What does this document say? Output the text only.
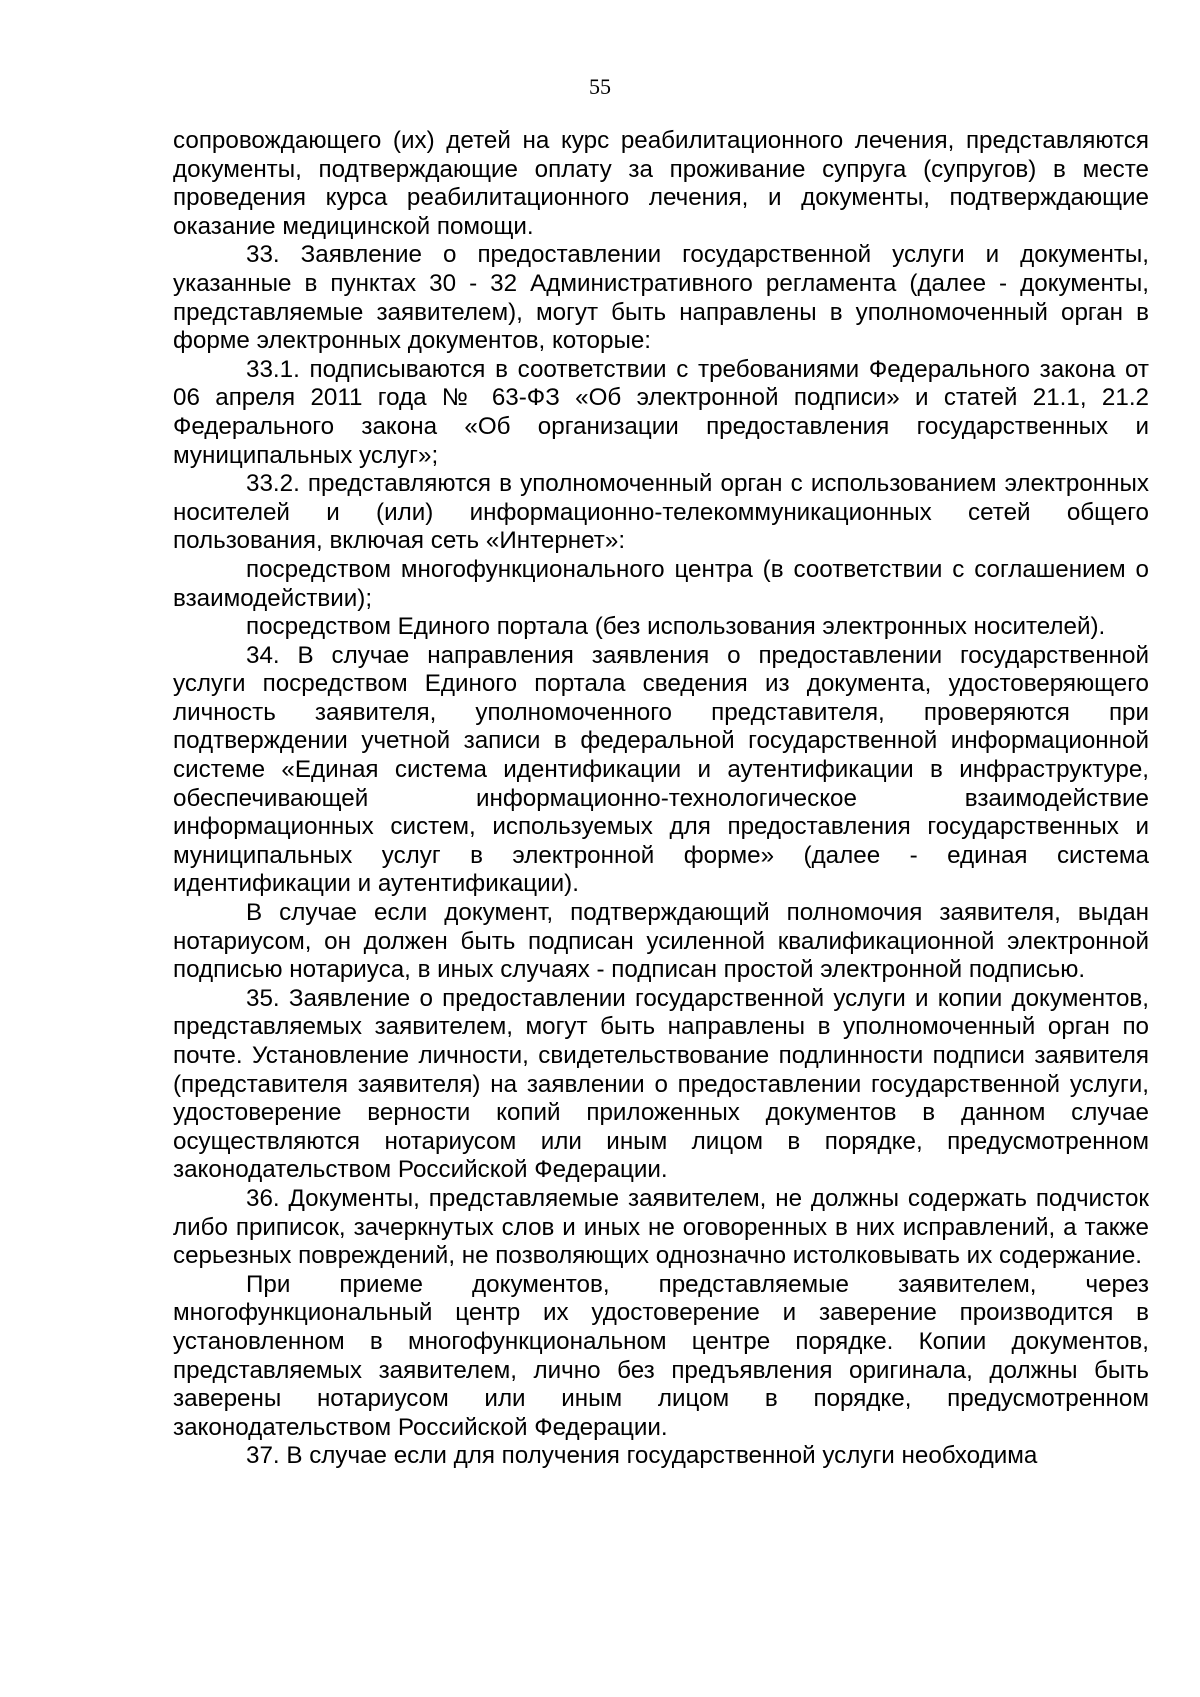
55

сопровождающего (их) детей на курс реабилитационного лечения, представляются документы, подтверждающие оплату за проживание супруга (супругов) в месте проведения курса реабилитационного лечения, и документы, подтверждающие оказание медицинской помощи.

33. Заявление о предоставлении государственной услуги и документы, указанные в пунктах 30 - 32 Административного регламента (далее - документы, представляемые заявителем), могут быть направлены в уполномоченный орган в форме электронных документов, которые:

33.1. подписываются в соответствии с требованиями Федерального закона от 06 апреля 2011 года № 63-ФЗ «Об электронной подписи» и статей 21.1, 21.2 Федерального закона «Об организации предоставления государственных и муниципальных услуг»;

33.2. представляются в уполномоченный орган с использованием электронных носителей и (или) информационно-телекоммуникационных сетей общего пользования, включая сеть «Интернет»:

посредством многофункционального центра (в соответствии с соглашением о взаимодействии);

посредством Единого портала (без использования электронных носителей).

34. В случае направления заявления о предоставлении государственной услуги посредством Единого портала сведения из документа, удостоверяющего личность заявителя, уполномоченного представителя, проверяются при подтверждении учетной записи в федеральной государственной информационной системе «Единая система идентификации и аутентификации в инфраструктуре, обеспечивающей информационно-технологическое взаимодействие информационных систем, используемых для предоставления государственных и муниципальных услуг в электронной форме» (далее - единая система идентификации и аутентификации).

В случае если документ, подтверждающий полномочия заявителя, выдан нотариусом, он должен быть подписан усиленной квалификационной электронной подписью нотариуса, в иных случаях - подписан простой электронной подписью.

35. Заявление о предоставлении государственной услуги и копии документов, представляемых заявителем, могут быть направлены в уполномоченный орган по почте. Установление личности, свидетельствование подлинности подписи заявителя (представителя заявителя) на заявлении о предоставлении государственной услуги, удостоверение верности копий приложенных документов в данном случае осуществляются нотариусом или иным лицом в порядке, предусмотренном законодательством Российской Федерации.

36. Документы, представляемые заявителем, не должны содержать подчисток либо приписок, зачеркнутых слов и иных не оговоренных в них исправлений, а также серьезных повреждений, не позволяющих однозначно истолковывать их содержание.

При приеме документов, представляемые заявителем, через многофункциональный центр их удостоверение и заверение производится в установленном в многофункциональном центре порядке. Копии документов, представляемых заявителем, лично без предъявления оригинала, должны быть заверены нотариусом или иным лицом в порядке, предусмотренном законодательством Российской Федерации.

37. В случае если для получения государственной услуги необходима
